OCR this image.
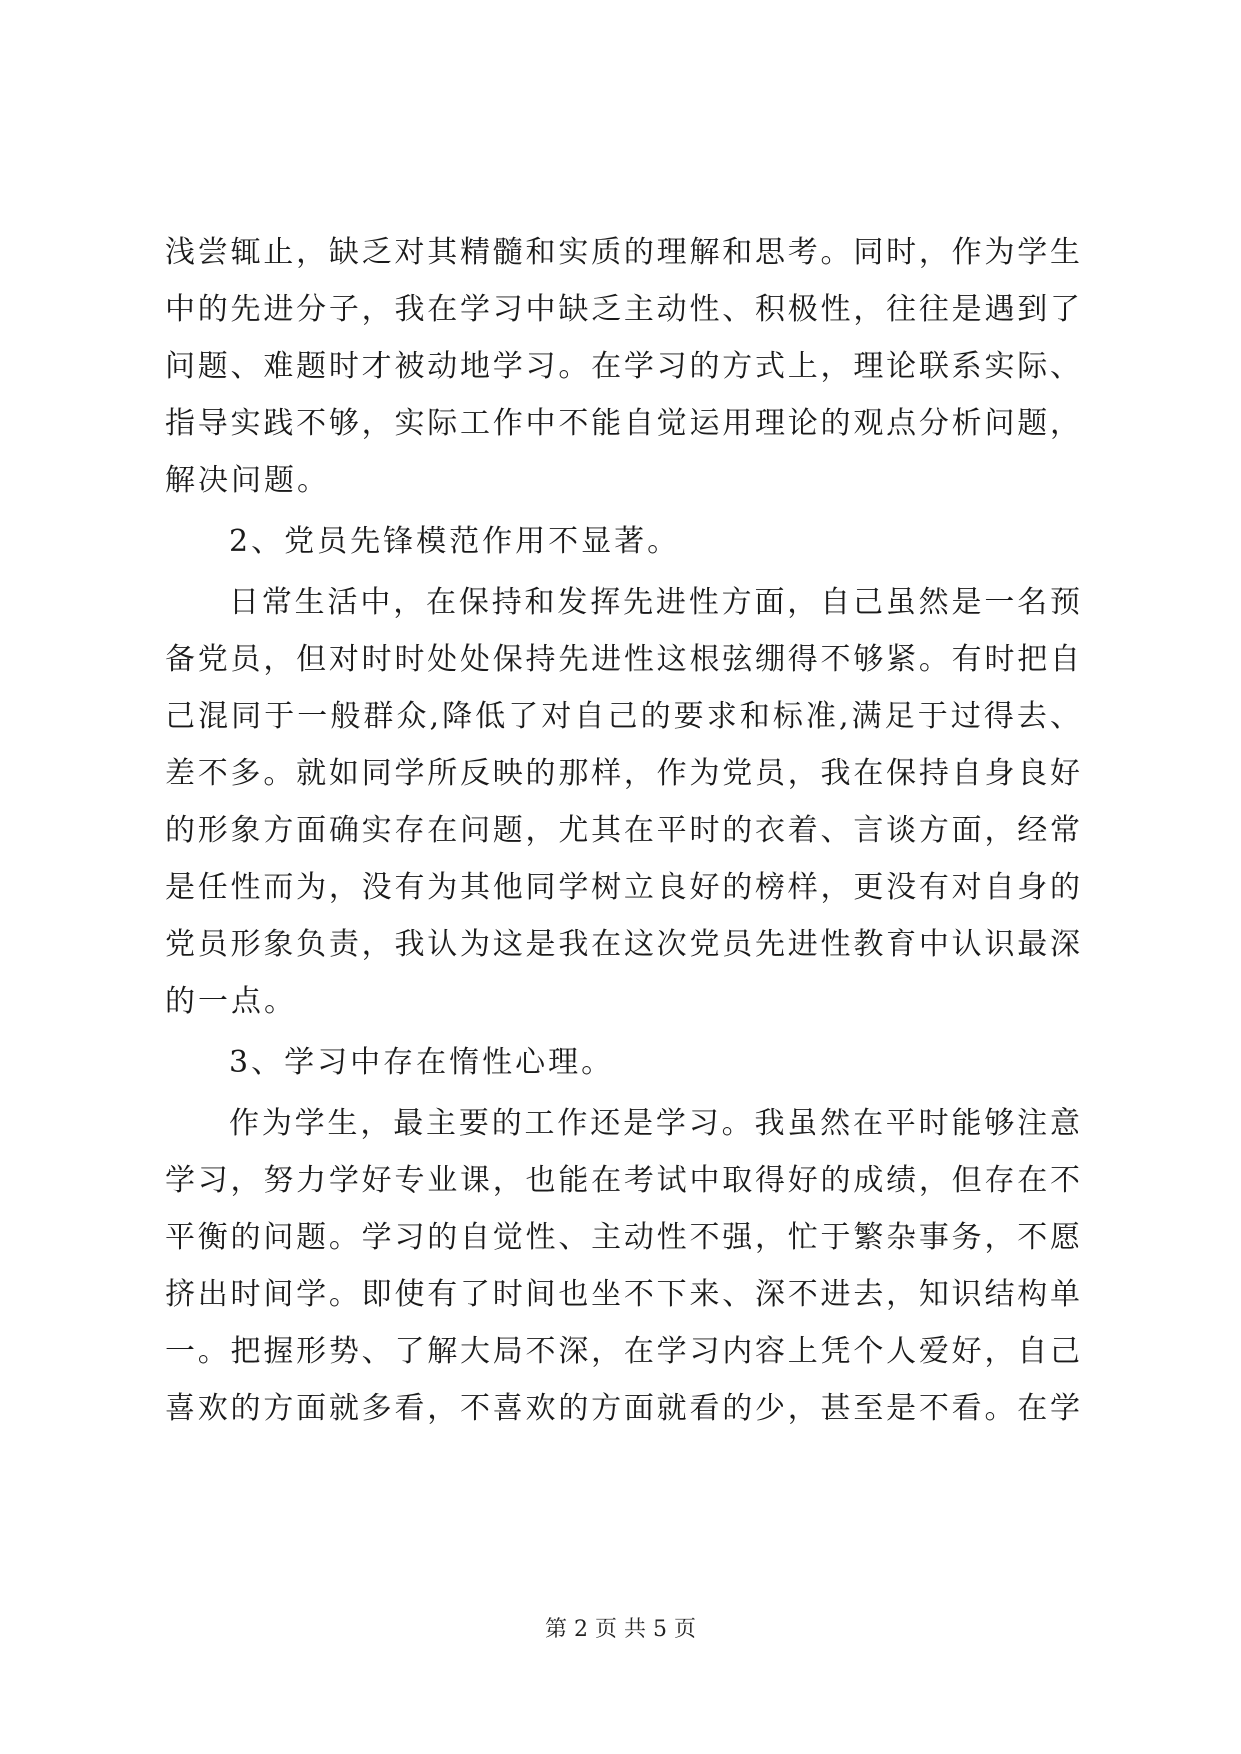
浅尝辄止，缺乏对其精髓和实质的理解和思考。同时，作为学生
中的先进分子，我在学习中缺乏主动性、积极性，往往是遇到了
问题、难题时才被动地学习。在学习的方式上，理论联系实际、
指导实践不够，实际工作中不能自觉运用理论的观点分析问题，
解决问题。
2、党员先锋模范作用不显著。
日常生活中，在保持和发挥先进性方面，自己虽然是一名预
备党员，但对时时处处保持先进性这根弦绷得不够紧。有时把自
己混同于一般群众,降低了对自己的要求和标准,满足于过得去、
差不多。就如同学所反映的那样，作为党员，我在保持自身良好
的形象方面确实存在问题，尤其在平时的衣着、言谈方面，经常
是任性而为，没有为其他同学树立良好的榜样，更没有对自身的
党员形象负责，我认为这是我在这次党员先进性教育中认识最深
的一点。
3、学习中存在惰性心理。
作为学生，最主要的工作还是学习。我虽然在平时能够注意
学习，努力学好专业课，也能在考试中取得好的成绩，但存在不
平衡的问题。学习的自觉性、主动性不强，忙于繁杂事务，不愿
挤出时间学。即使有了时间也坐不下来、深不进去，知识结构单
一。把握形势、了解大局不深，在学习内容上凭个人爱好，自己
喜欢的方面就多看，不喜欢的方面就看的少，甚至是不看。在学
第 2 页 共 5 页
